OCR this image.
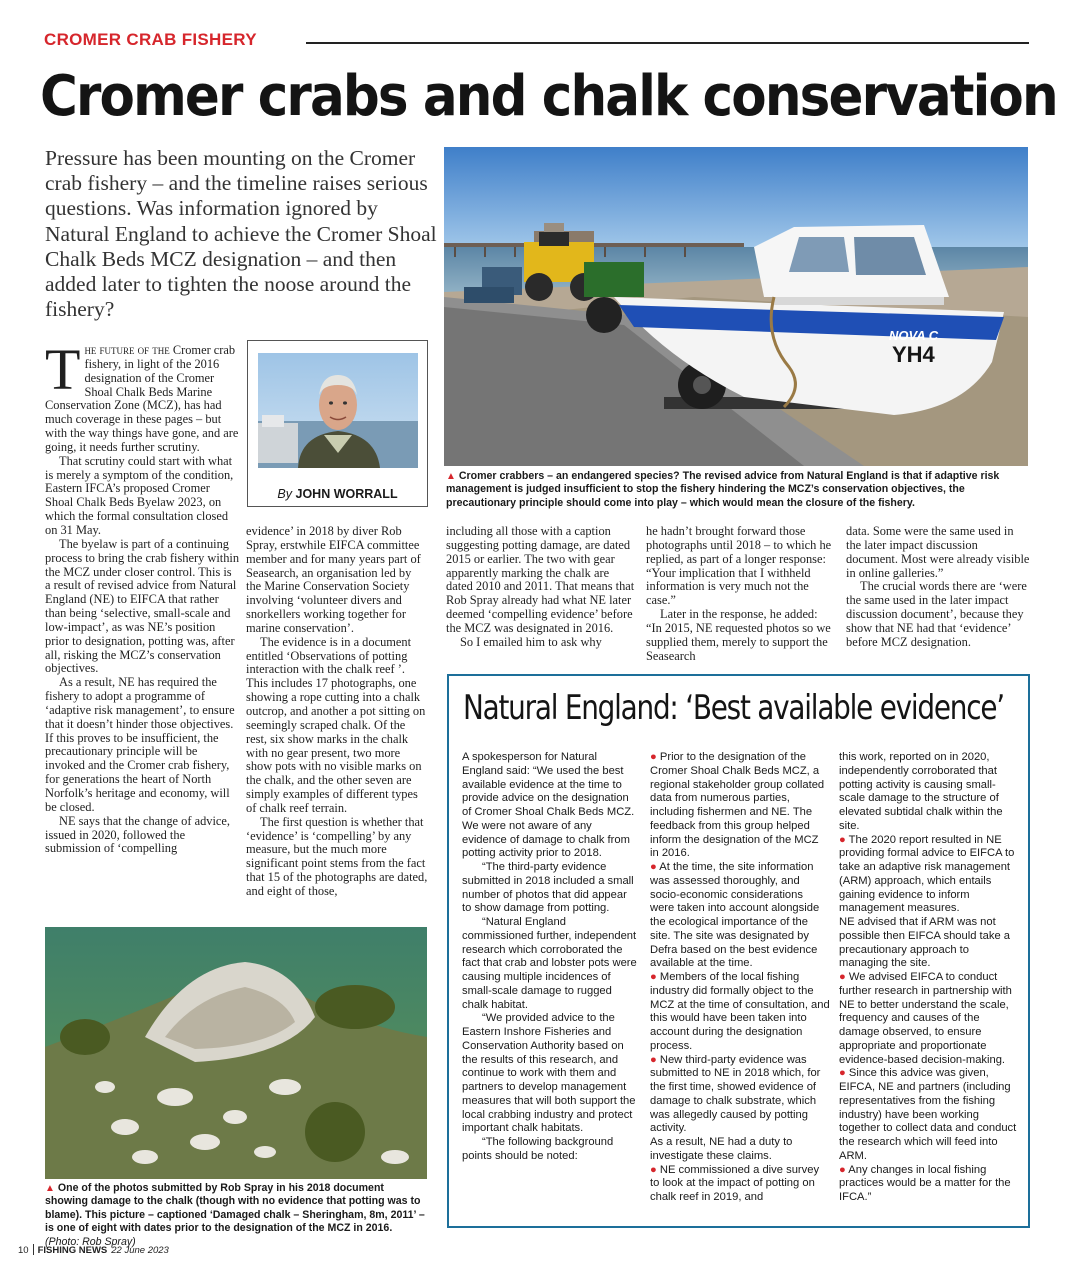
CROMER CRAB FISHERY
Cromer crabs and chalk conservation

Pressure has been mounting on the Cromer crab fishery – and the timeline raises serious questions. Was information ignored by Natural England to achieve the Cromer Shoal Chalk Beds MCZ designation – and then added later to tighten the noose around the fishery?

The future of the Cromer crab fishery, in light of the 2016 designation of the Cromer Shoal Chalk Beds Marine Conservation Zone (MCZ), has had much coverage in these pages – but with the way things have gone, and are going, it needs further scrutiny.

That scrutiny could start with what is merely a symptom of the condition, Eastern IFCA’s proposed Cromer Shoal Chalk Beds Byelaw 2023, on which the formal consultation closed on 31 May.

The byelaw is part of a continuing process to bring the crab fishery within the MCZ under closer control. This is a result of revised advice from Natural England (NE) to EIFCA that rather than being ‘selective, small-scale and low-impact’, as was NE’s position prior to designation, potting was, after all, risking the MCZ’s conservation objectives.

As a result, NE has required the fishery to adopt a programme of ‘adaptive risk management’, to ensure that it doesn’t hinder those objectives. If this proves to be insufficient, the precautionary principle will be invoked and the Cromer crab fishery, for generations the heart of North Norfolk’s heritage and economy, will be closed.

NE says that the change of advice, issued in 2020, followed the submission of ‘compelling

By JOHN WORRALL

evidence’ in 2018 by diver Rob Spray, erstwhile EIFCA committee member and for many years part of Seasearch, an organisation led by the Marine Conservation Society involving ‘volunteer divers and snorkellers working together for marine conservation’.

The evidence is in a document entitled ‘Observations of potting interaction with the chalk reef ’. This includes 17 photographs, one showing a rope cutting into a chalk outcrop, and another a pot sitting on seemingly scraped chalk. Of the rest, six show marks in the chalk with no gear present, two more show pots with no visible marks on the chalk, and the other seven are simply examples of different types of chalk reef terrain.

The first question is whether that ‘evidence’ is ‘compelling’ by any measure, but the much more significant point stems from the fact that 15 of the photographs are dated, and eight of those,

including all those with a caption suggesting potting damage, are dated 2015 or earlier. The two with gear apparently marking the chalk are dated 2010 and 2011. That means that Rob Spray already had what NE later deemed ‘compelling evidence’ before the MCZ was designated in 2016.

So I emailed him to ask why

he hadn’t brought forward those photographs until 2018 – to which he replied, as part of a longer response: “Your implication that I withheld information is very much not the case.”

Later in the response, he added: “In 2015, NE requested photos so we supplied them, merely to support the Seasearch

data. Some were the same used in the later impact discussion document. Most were already visible in online galleries.”

The crucial words there are ‘were the same used in the later impact discussion document’, because they show that NE had that ‘evidence’ before MCZ designation.

NOVA C
YH4
▲ Cromer crabbers – an endangered species? The revised advice from Natural England is that if adaptive risk management is judged insufficient to stop the fishery hindering the MCZ’s conservation objectives, the precautionary principle should come into play – which would mean the closure of the fishery.
▲ One of the photos submitted by Rob Spray in his 2018 document showing damage to the chalk (though with no evidence that potting was to blame). This picture – captioned ‘Damaged chalk – Sheringham, 8m, 2011’ – is one of eight with dates prior to the designation of the MCZ in 2016. (Photo: Rob Spray)
Natural England: ‘Best available evidence’

A spokesperson for Natural England said: “We used the best available evidence at the time to provide advice on the designation of Cromer Shoal Chalk Beds MCZ. We were not aware of any evidence of damage to chalk from potting activity prior to 2018.

“The third-party evidence submitted in 2018 included a small number of photos that did appear to show damage from potting.

“Natural England commissioned further, independent research which corroborated the fact that crab and lobster pots were causing multiple incidences of small-scale damage to rugged chalk habitat.

“We provided advice to the Eastern Inshore Fisheries and Conservation Authority based on the results of this research, and continue to work with them and partners to develop management measures that will both support the local crabbing industry and protect important chalk habitats.

“The following background points should be noted:

● Prior to the designation of the Cromer Shoal Chalk Beds MCZ, a regional stakeholder group collated data from numerous parties, including fishermen and NE. The feedback from this group helped inform the designation of the MCZ in 2016.

● At the time, the site information was assessed thoroughly, and socio-economic considerations were taken into account alongside the ecological importance of the site. The site was designated by Defra based on the best evidence available at the time.

● Members of the local fishing industry did formally object to the MCZ at the time of consultation, and this would have been taken into account during the designation process.

● New third-party evidence was submitted to NE in 2018 which, for the first time, showed evidence of damage to chalk substrate, which was allegedly caused by potting activity.

As a result, NE had a duty to investigate these claims.

● NE commissioned a dive survey to look at the impact of potting on chalk reef in 2019, and

this work, reported on in 2020, independently corroborated that potting activity is causing small-scale damage to the structure of elevated subtidal chalk within the site.

● The 2020 report resulted in NE providing formal advice to EIFCA to take an adaptive risk management (ARM) approach, which entails gaining evidence to inform management measures.

NE advised that if ARM was not possible then EIFCA should take a precautionary approach to managing the site.

● We advised EIFCA to conduct further research in partnership with NE to better understand the scale, frequency and causes of the damage observed, to ensure appropriate and proportionate evidence-based decision-making.

● Since this advice was given, EIFCA, NE and partners (including representatives from the fishing industry) have been working together to collect data and conduct the research which will feed into ARM.

● Any changes in local fishing practices would be a matter for the IFCA.”

10 FISHING NEWS 22 June 2023
